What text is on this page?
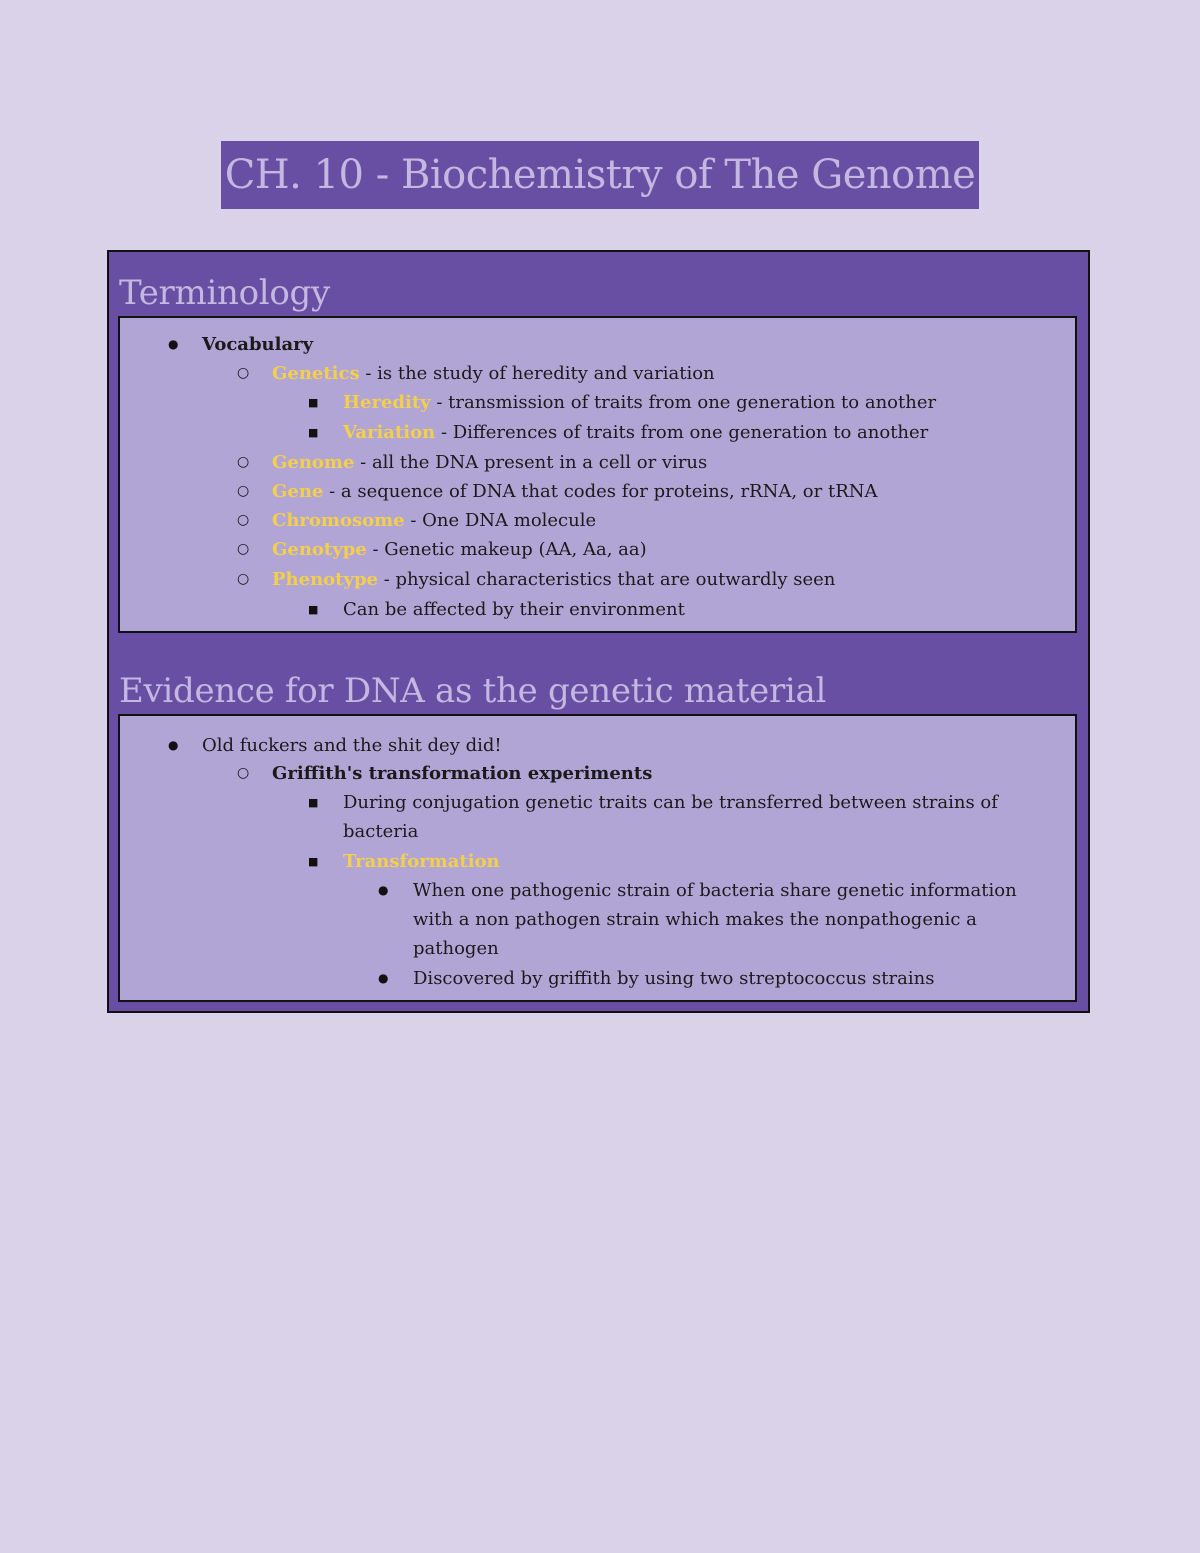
CH. 10 - Biochemistry of The Genome
Terminology
● Vocabulary
○ Genetics - is the study of heredity and variation
■ Heredity - transmission of traits from one generation to another
■ Variation - Differences of traits from one generation to another
○ Genome - all the DNA present in a cell or virus
○ Gene - a sequence of DNA that codes for proteins, rRNA, or tRNA
○ Chromosome - One DNA molecule
○ Genotype - Genetic makeup (AA, Aa, aa)
○ Phenotype - physical characteristics that are outwardly seen
■ Can be affected by their environment
Evidence for DNA as the genetic material
● Old fuckers and the shit dey did!
○ Griffith's transformation experiments
■ During conjugation genetic traits can be transferred between strains of
bacteria
■ Transformation
● When one pathogenic strain of bacteria share genetic information
with a non pathogen strain which makes the nonpathogenic a
pathogen
● Discovered by griffith by using two streptococcus strains
